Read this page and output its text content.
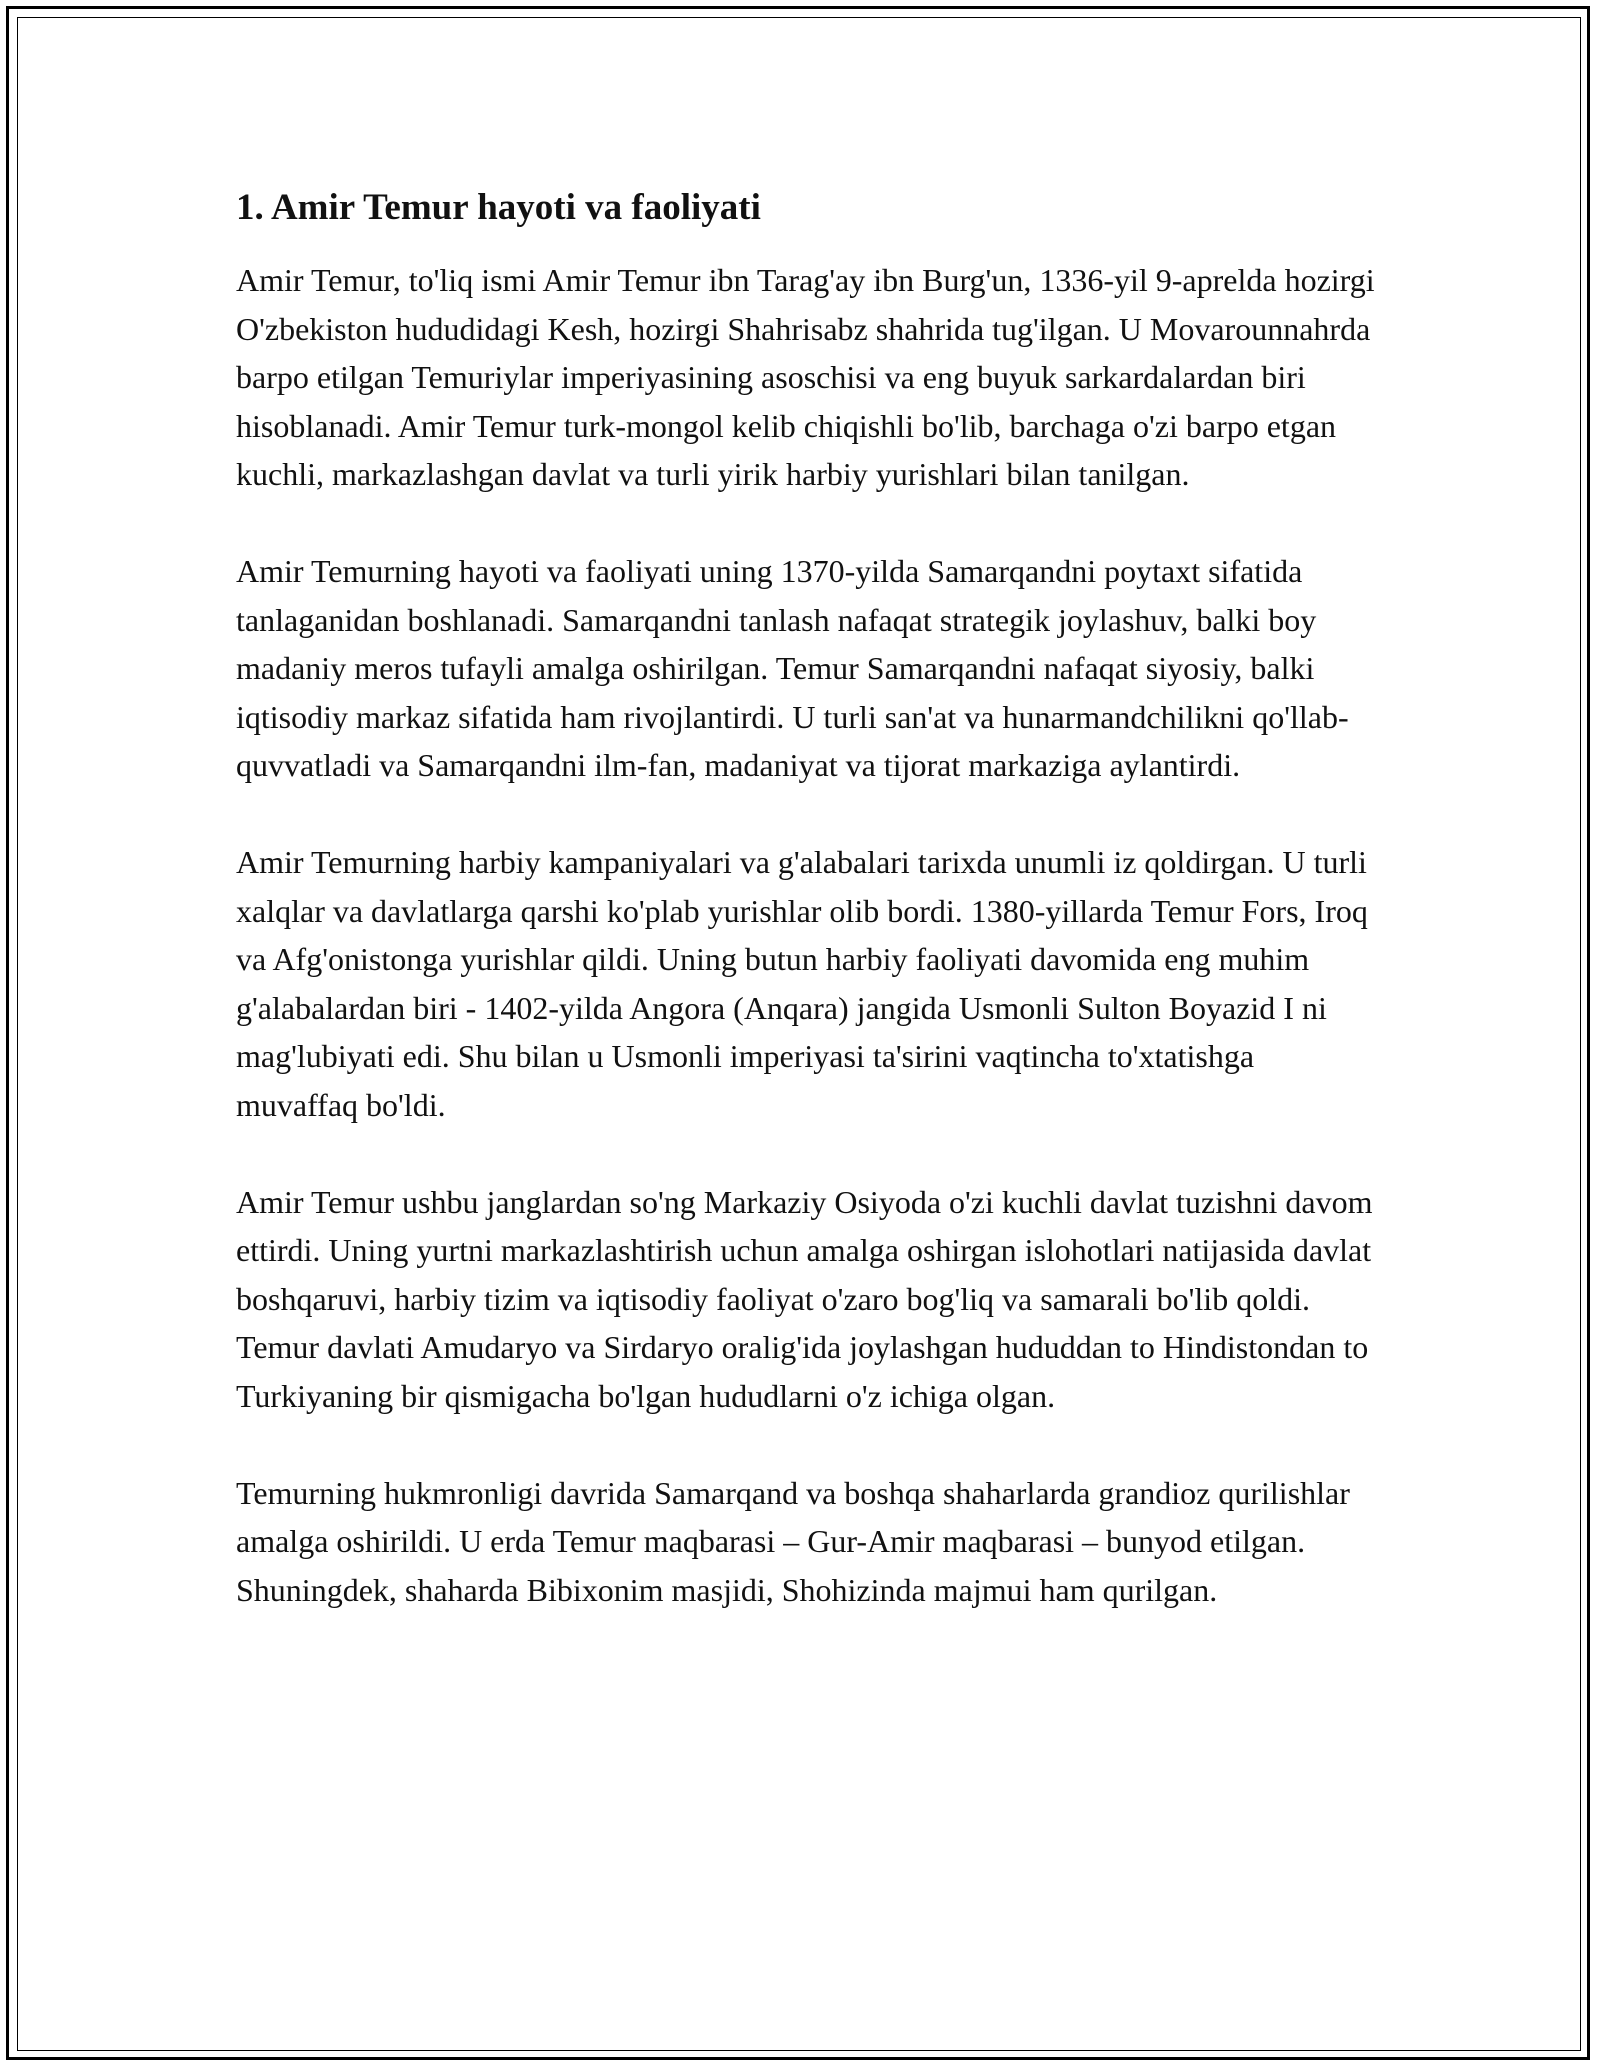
1. Amir Temur hayoti va faoliyati

Amir Temur, to'liq ismi Amir Temur ibn Tarag'ay ibn Burg'un, 1336-yil 9-aprelda hozirgi O'zbekiston hududidagi Kesh, hozirgi Shahrisabz shahrida tug'ilgan. U Movarounnahrda barpo etilgan Temuriylar imperiyasining asoschisi va eng buyuk sarkardalardan biri hisoblanadi. Amir Temur turk-mongol kelib chiqishli bo'lib, barchaga o'zi barpo etgan kuchli, markazlashgan davlat va turli yirik harbiy yurishlari bilan tanilgan.

Amir Temurning hayoti va faoliyati uning 1370-yilda Samarqandni poytaxt sifatida tanlaganidan boshlanadi. Samarqandni tanlash nafaqat strategik joylashuv, balki boy madaniy meros tufayli amalga oshirilgan. Temur Samarqandni nafaqat siyosiy, balki iqtisodiy markaz sifatida ham rivojlantirdi. U turli san'at va hunarmandchilikni qo'llab-quvvatladi va Samarqandni ilm-fan, madaniyat va tijorat markaziga aylantirdi.

Amir Temurning harbiy kampaniyalari va g'alabalari tarixda unumli iz qoldirgan. U turli xalqlar va davlatlarga qarshi ko'plab yurishlar olib bordi. 1380-yillarda Temur Fors, Iroq va Afg'onistonga yurishlar qildi. Uning butun harbiy faoliyati davomida eng muhim g'alabalardan biri - 1402-yilda Angora (Anqara) jangida Usmonli Sulton Boyazid I ni mag'lubiyati edi. Shu bilan u Usmonli imperiyasi ta'sirini vaqtincha to'xtatishga muvaffaq bo'ldi.

Amir Temur ushbu janglardan so'ng Markaziy Osiyoda o'zi kuchli davlat tuzishni davom ettirdi. Uning yurtni markazlashtirish uchun amalga oshirgan islohotlari natijasida davlat boshqaruvi, harbiy tizim va iqtisodiy faoliyat o'zaro bog'liq va samarali bo'lib qoldi. Temur davlati Amudaryo va Sirdaryo oralig'ida joylashgan hududdan to Hindistondan to Turkiyaning bir qismigacha bo'lgan hududlarni o'z ichiga olgan.

Temurning hukmronligi davrida Samarqand va boshqa shaharlarda grandioz qurilishlar amalga oshirildi. U erda Temur maqbarasi – Gur-Amir maqbarasi – bunyod etilgan. Shuningdek, shaharda Bibixonim masjidi, Shohizinda majmui ham qurilgan.
